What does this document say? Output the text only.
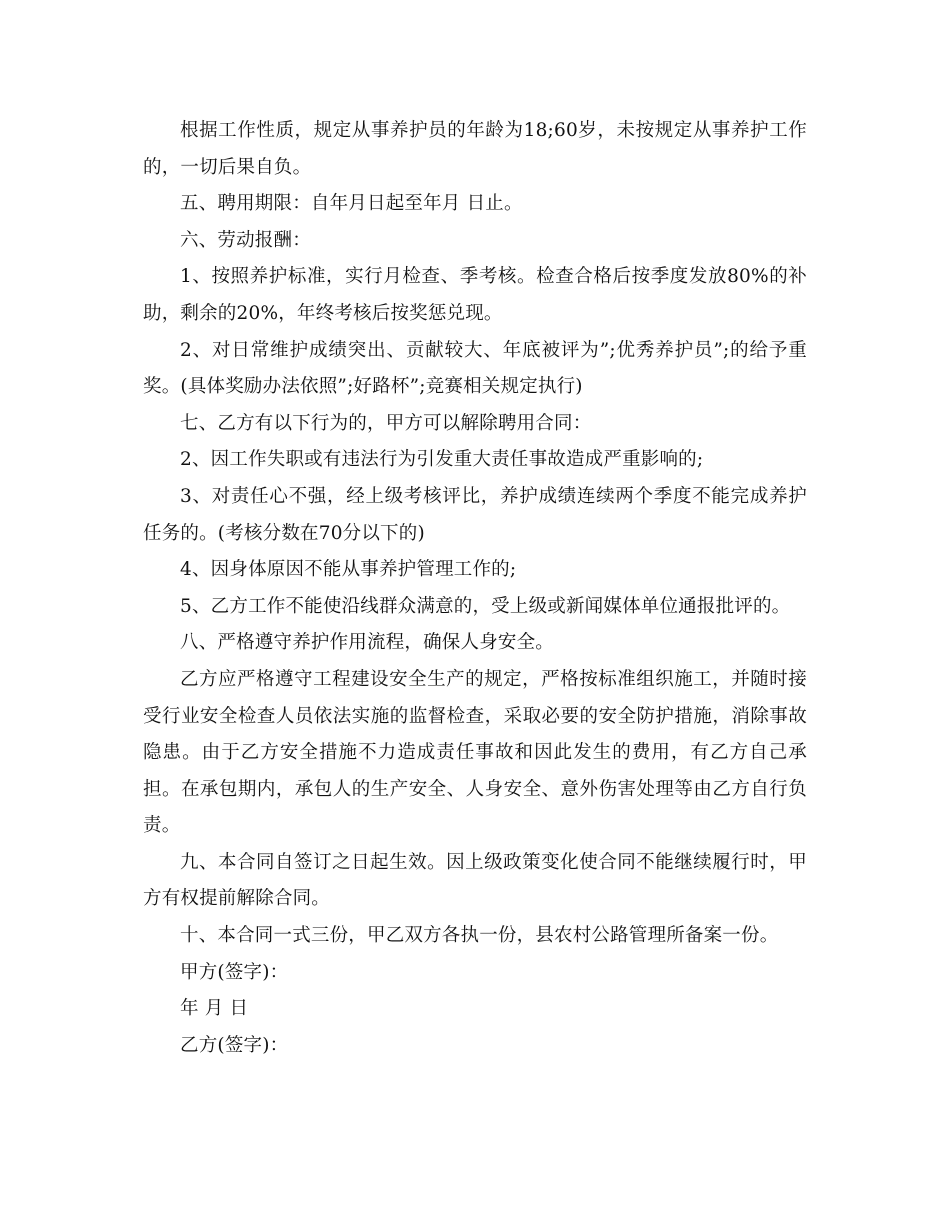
根据工作性质，规定从事养护员的年龄为18;60岁，未按规定从事养护工作的，一切后果自负。

五、聘用期限：自年月日起至年月 日止。

六、劳动报酬：

1、按照养护标准，实行月检查、季考核。检查合格后按季度发放80%的补助，剩余的20%，年终考核后按奖惩兑现。

2、对日常维护成绩突出、贡献较大、年底被评为”;优秀养护员”;的给予重奖。(具体奖励办法依照”;好路杯”;竞赛相关规定执行)

七、乙方有以下行为的，甲方可以解除聘用合同：

2、因工作失职或有违法行为引发重大责任事故造成严重影响的;

3、对责任心不强，经上级考核评比，养护成绩连续两个季度不能完成养护任务的。(考核分数在70分以下的)

4、因身体原因不能从事养护管理工作的;

5、乙方工作不能使沿线群众满意的，受上级或新闻媒体单位通报批评的。

八、严格遵守养护作用流程，确保人身安全。

乙方应严格遵守工程建设安全生产的规定，严格按标准组织施工，并随时接受行业安全检查人员依法实施的监督检查，采取必要的安全防护措施，消除事故隐患。由于乙方安全措施不力造成责任事故和因此发生的费用，有乙方自己承担。在承包期内，承包人的生产安全、人身安全、意外伤害处理等由乙方自行负责。

九、本合同自签订之日起生效。因上级政策变化使合同不能继续履行时，甲方有权提前解除合同。

十、本合同一式三份，甲乙双方各执一份，县农村公路管理所备案一份。

甲方(签字)：

年 月 日

乙方(签字)：
